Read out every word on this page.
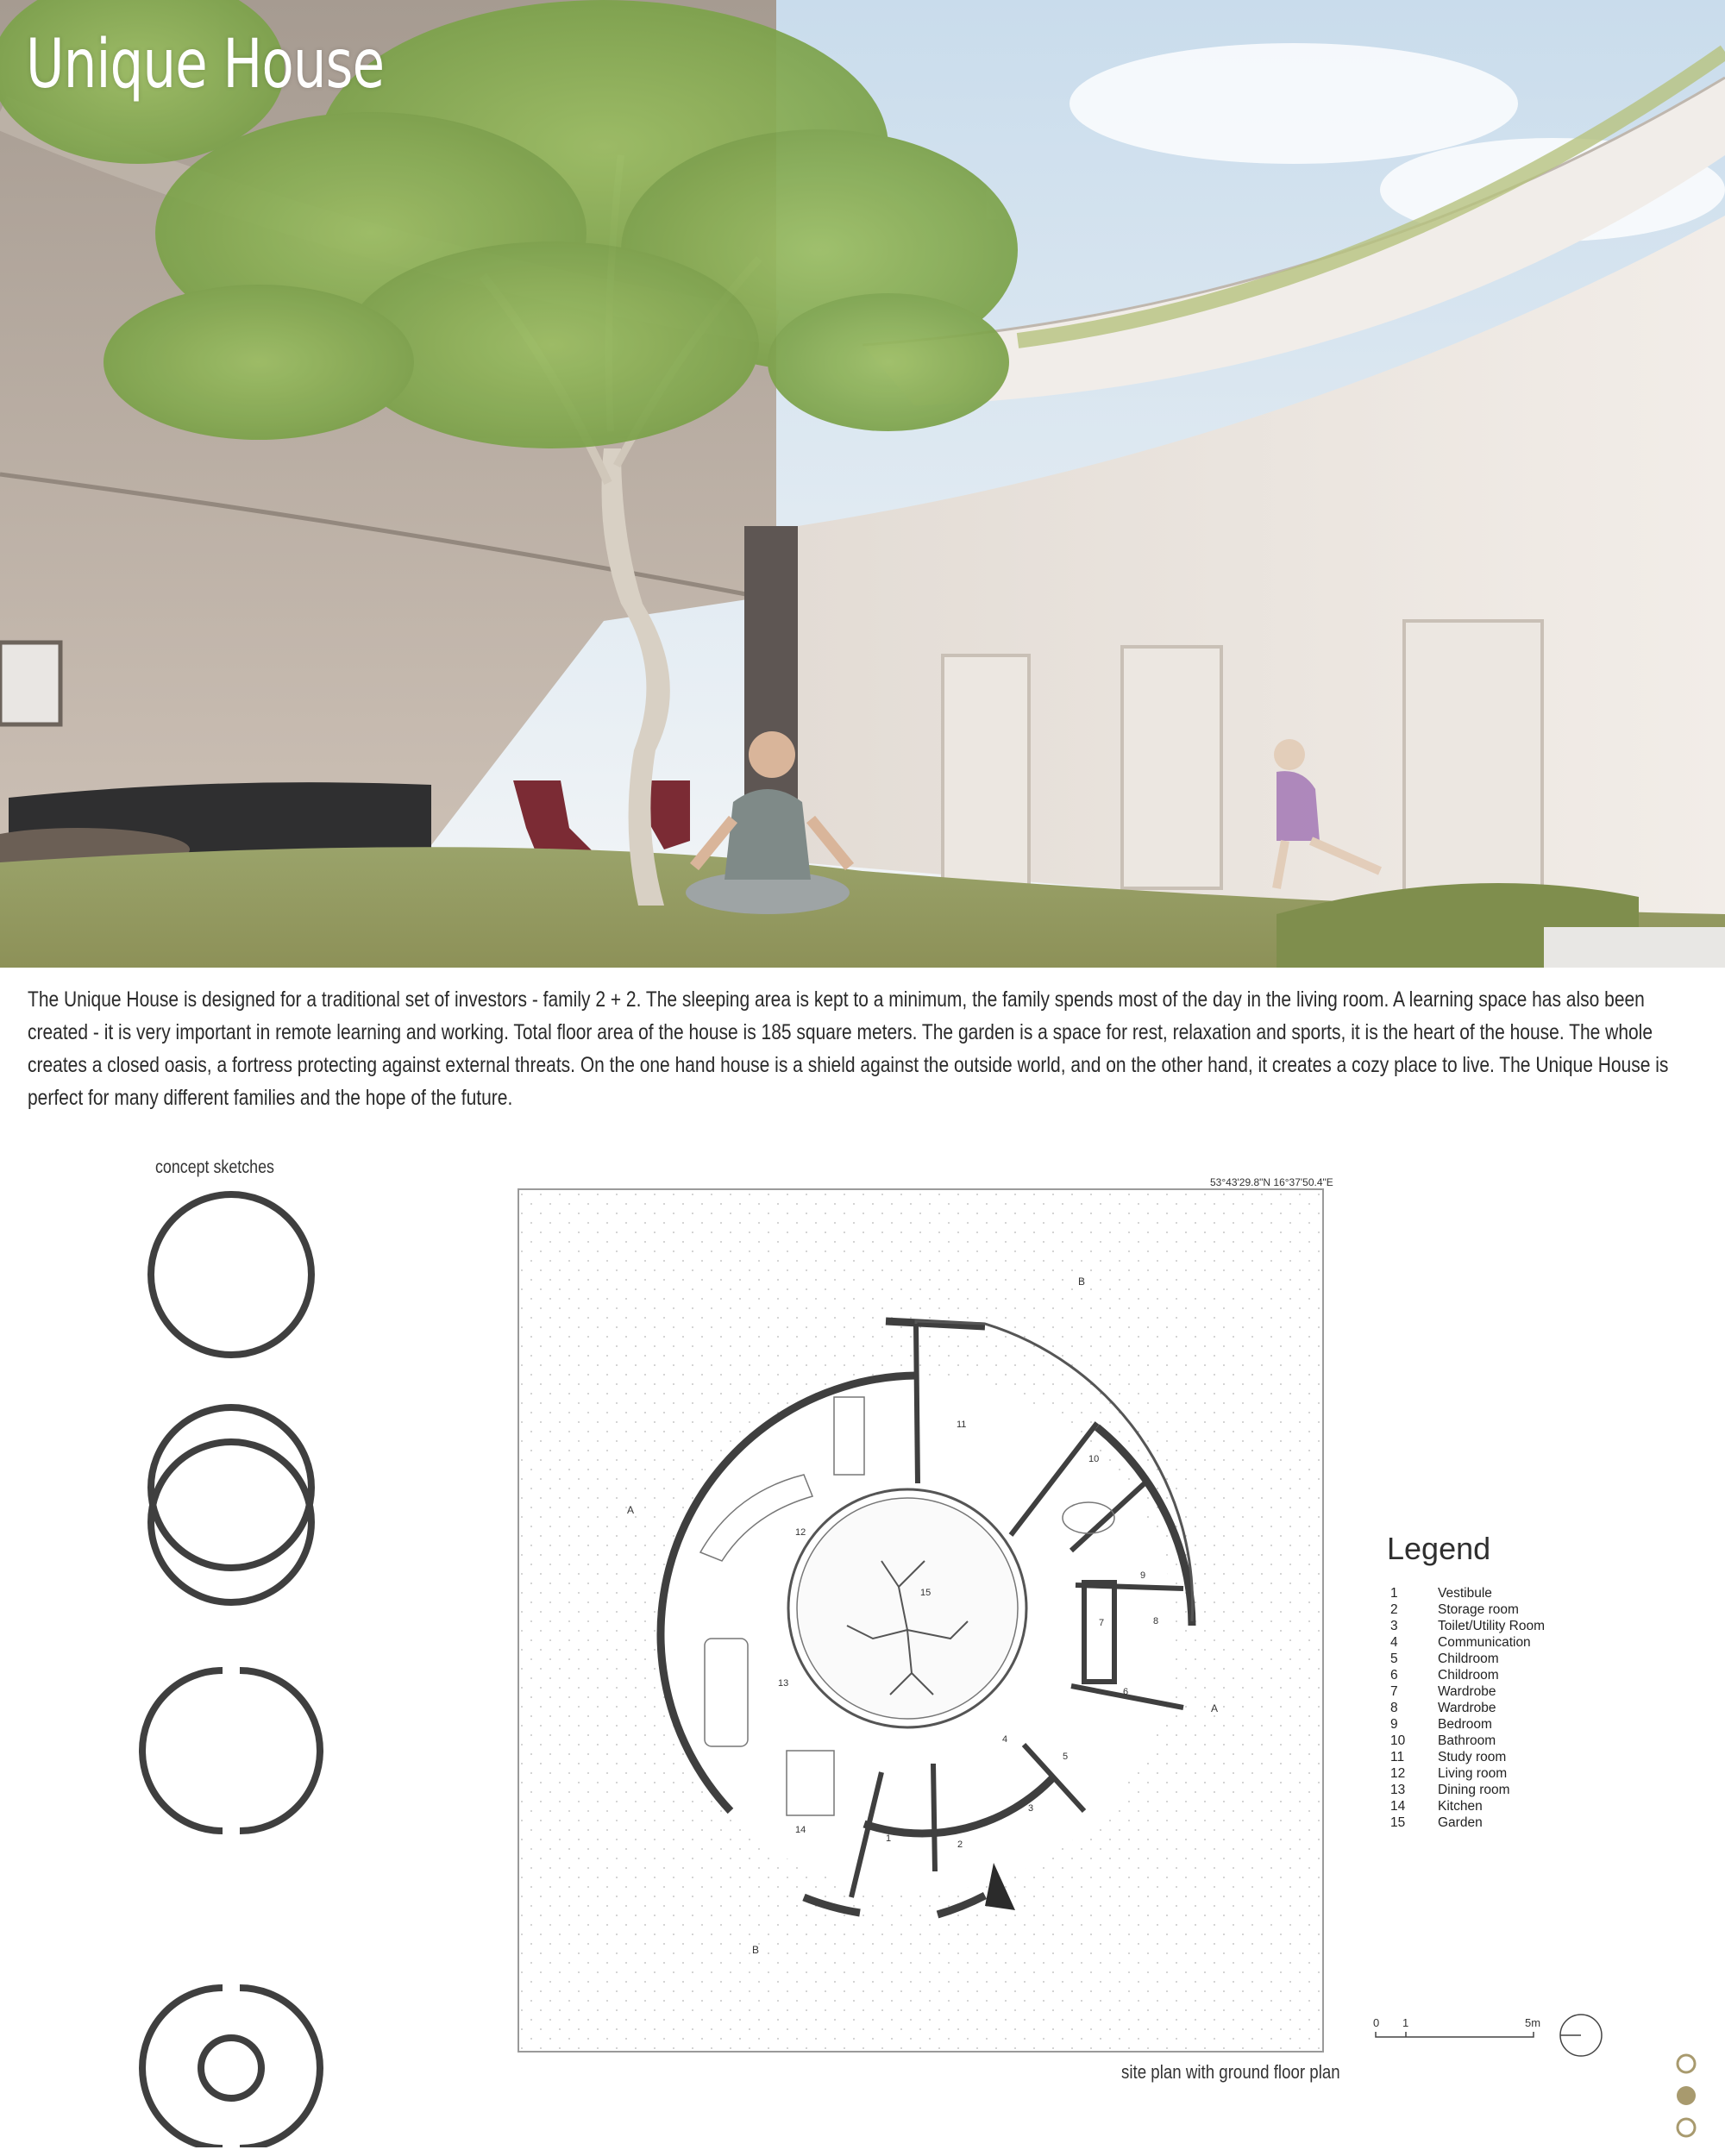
Unique House

The Unique House is designed for a traditional set of investors - family 2 + 2. The sleeping area is kept to a minimum, the family spends most of the day in the living room. A learning space has also been created - it is very important in remote learning and working. Total floor area of the house is 185 square meters. The garden is a space for rest, relaxation and sports, it is the heart of the house. The whole creates a closed oasis, a fortress protecting against external threats. On the one hand house is a shield against the outside world, and on the other hand, it creates a cozy place to live. The Unique House is perfect for many different families and the hope of the future.

concept sketches
53°43'29.8"N 16°37'50.4"E
A
A
B
B
1
2
3
4
5
6
7	8
9
10
11
12
13
14
15
site plan with ground floor plan
Legend
1	Vestibule
2	Storage room
3	Toilet/Utility Room
4	Communication
5	Childroom
6	Childroom
7	Wardrobe
8	Wardrobe
9	Bedroom
10 Bathroom
11	Study room
12 Living room
13 Dining room
14 Kitchen
15 Garden
0 1	5m
